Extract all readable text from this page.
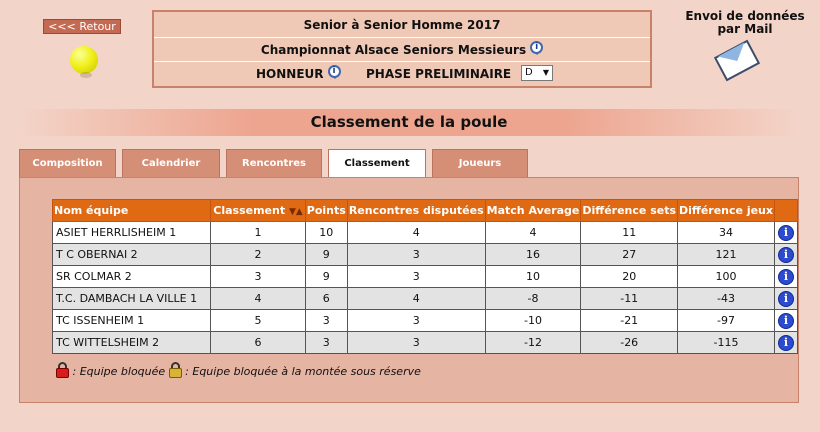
<<< Retour	Senior à Senior Homme 2017
Championnat Alsace Seniors Messieurs i
HONNEUR i	PHASE PRELIMINAIRE	D ▼
Envoi de données
par Mail
Classement de la poule
Composition	Calendrier	Rencontres	Classement	Joueurs
Nom équipe	Classement ▼▲	Points	Rencontres disputées	Match Average	Différence sets	Différence jeux	
ASIET HERRLISHEIM 1	1	10	4	4	11	34	i
T C OBERNAI 2	2	9	3	16	27	121	i
SR COLMAR 2	3	9	3	10	20	100	i
T.C. DAMBACH LA VILLE 1	4	6	4	-8	-11	-43	i
TC ISSENHEIM 1	5	3	3	-10	-21	-97	i
TC WITTELSHEIM 2	6	3	3	-12	-26	-115	i
: Equipe bloquée : Equipe bloquée à la montée sous réserve
